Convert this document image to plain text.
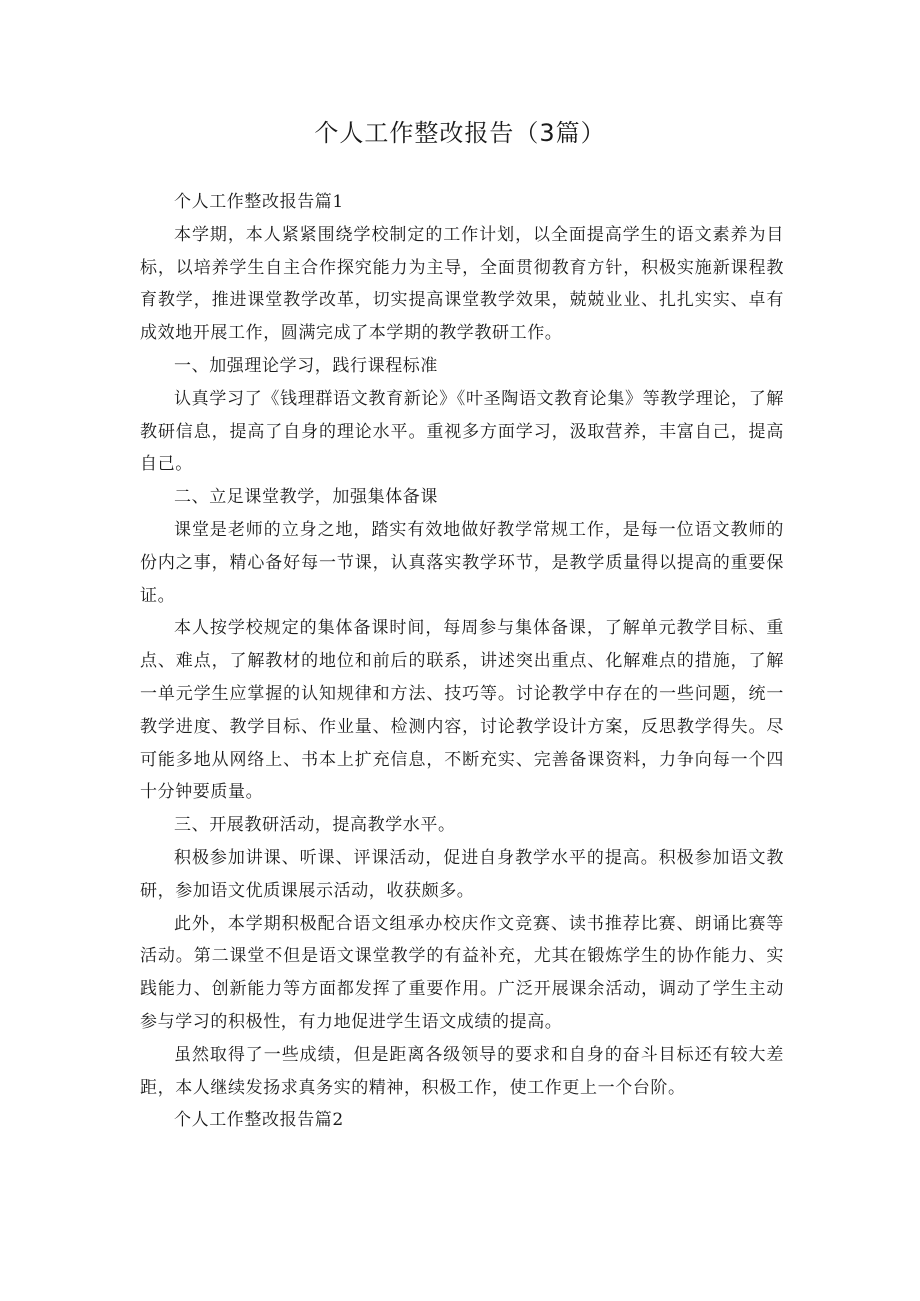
个人工作整改报告（3篇）

个人工作整改报告篇1

本学期，本人紧紧围绕学校制定的工作计划，以全面提高学生的语文素养为目标，以培养学生自主合作探究能力为主导，全面贯彻教育方针，积极实施新课程教育教学，推进课堂教学改革，切实提高课堂教学效果，兢兢业业、扎扎实实、卓有成效地开展工作，圆满完成了本学期的教学教研工作。

一、加强理论学习，践行课程标准

认真学习了《钱理群语文教育新论》《叶圣陶语文教育论集》等教学理论，了解教研信息，提高了自身的理论水平。重视多方面学习，汲取营养，丰富自己，提高自己。

二、立足课堂教学，加强集体备课

课堂是老师的立身之地，踏实有效地做好教学常规工作，是每一位语文教师的份内之事，精心备好每一节课，认真落实教学环节，是教学质量得以提高的重要保证。

本人按学校规定的集体备课时间，每周参与集体备课，了解单元教学目标、重点、难点，了解教材的地位和前后的联系，讲述突出重点、化解难点的措施，了解一单元学生应掌握的认知规律和方法、技巧等。讨论教学中存在的一些问题，统一教学进度、教学目标、作业量、检测内容，讨论教学设计方案，反思教学得失。尽可能多地从网络上、书本上扩充信息，不断充实、完善备课资料，力争向每一个四十分钟要质量。

三、开展教研活动，提高教学水平。

积极参加讲课、听课、评课活动，促进自身教学水平的提高。积极参加语文教研，参加语文优质课展示活动，收获颇多。

此外，本学期积极配合语文组承办校庆作文竞赛、读书推荐比赛、朗诵比赛等活动。第二课堂不但是语文课堂教学的有益补充，尤其在锻炼学生的协作能力、实践能力、创新能力等方面都发挥了重要作用。广泛开展课余活动，调动了学生主动参与学习的积极性，有力地促进学生语文成绩的提高。

虽然取得了一些成绩，但是距离各级领导的要求和自身的奋斗目标还有较大差距，本人继续发扬求真务实的精神，积极工作，使工作更上一个台阶。

个人工作整改报告篇2
